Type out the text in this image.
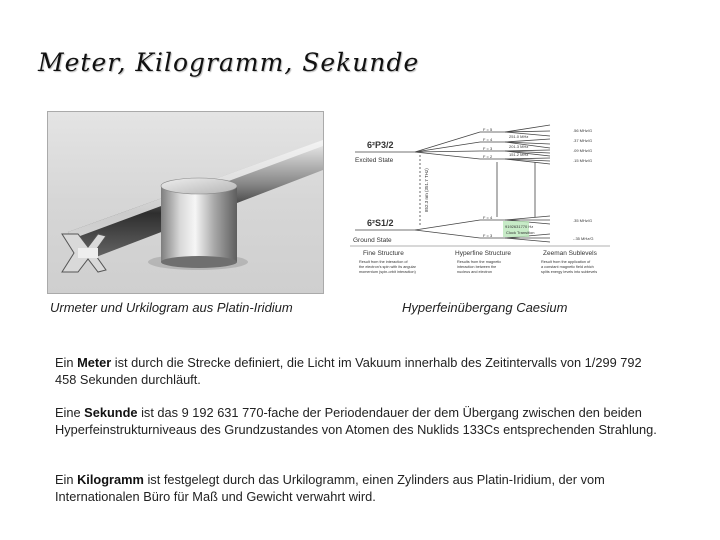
Meter, Kilogramm, Sekunde
6²P3/2
Excited State
6²S1/2
Ground State
852.3 nm (351.7 THz)
F = 5
F = 4
F = 3
F = 2
251.0 MHz
201.3 MHz
151.2 MHz
.56 MHz/G
.37 MHz/G
.09 MHz/G
.15 MHz/G
F = 4
F = 3
.35 MHz/G
-.35 MHz/G
9192631770 Hz
Clock Transition
Fine Structure	Hyperfine Structure	Zeeman Sublevels
Result from the interaction of
the electron's spin with its angular
momentum (spin-orbit interaction)
Results from the magnetic
interaction between the
nucleus and electron
Result from the application of
a constant magnetic field which
splits energy levels into sublevels
Urmeter und Urkilogram aus Platin-Iridium	Hyperfeinübergang Caesium

Ein Meter ist durch die Strecke definiert, die Licht im Vakuum innerhalb des Zeitintervalls von 1/299 792 458 Sekunden durchläuft.

Eine Sekunde ist das 9 192 631 770-fache der Periodendauer der dem Übergang zwischen den beiden Hyperfeinstrukturniveaus des Grundzustandes von Atomen des Nuklids 133Cs entsprechenden Strahlung.

Ein Kilogramm ist festgelegt durch das Urkilogramm, einen Zylinders aus Platin-Iridium, der vom Internationalen Büro für Maß und Gewicht verwahrt wird.
